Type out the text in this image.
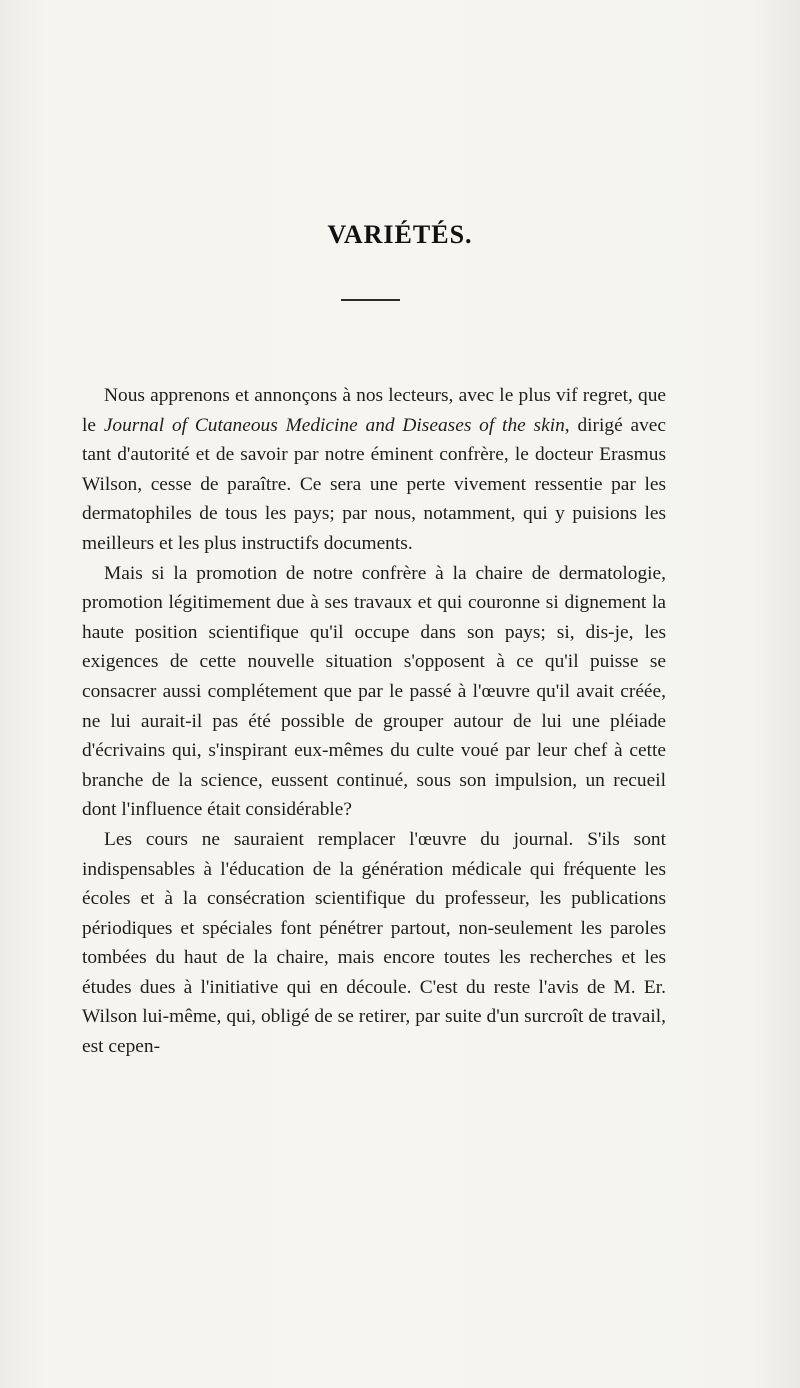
VARIÉTÉS.

Nous apprenons et annonçons à nos lecteurs, avec le plus vif regret, que le Journal of Cutaneous Medicine and Diseases of the skin, dirigé avec tant d'autorité et de savoir par notre éminent confrère, le docteur Erasmus Wilson, cesse de paraître. Ce sera une perte vivement ressentie par les dermatophiles de tous les pays; par nous, notamment, qui y puisions les meilleurs et les plus instructifs documents.

Mais si la promotion de notre confrère à la chaire de dermatologie, promotion légitimement due à ses travaux et qui couronne si dignement la haute position scientifique qu'il occupe dans son pays; si, dis-je, les exigences de cette nouvelle situation s'opposent à ce qu'il puisse se consacrer aussi complétement que par le passé à l'œuvre qu'il avait créée, ne lui aurait-il pas été possible de grouper autour de lui une pléiade d'écrivains qui, s'inspirant eux-mêmes du culte voué par leur chef à cette branche de la science, eussent continué, sous son impulsion, un recueil dont l'influence était considérable?

Les cours ne sauraient remplacer l'œuvre du journal. S'ils sont indispensables à l'éducation de la génération médicale qui fréquente les écoles et à la consécration scientifique du professeur, les publications périodiques et spéciales font pénétrer partout, non-seulement les paroles tombées du haut de la chaire, mais encore toutes les recherches et les études dues à l'initiative qui en découle. C'est du reste l'avis de M. Er. Wilson lui-même, qui, obligé de se retirer, par suite d'un surcroît de travail, est cepen-
